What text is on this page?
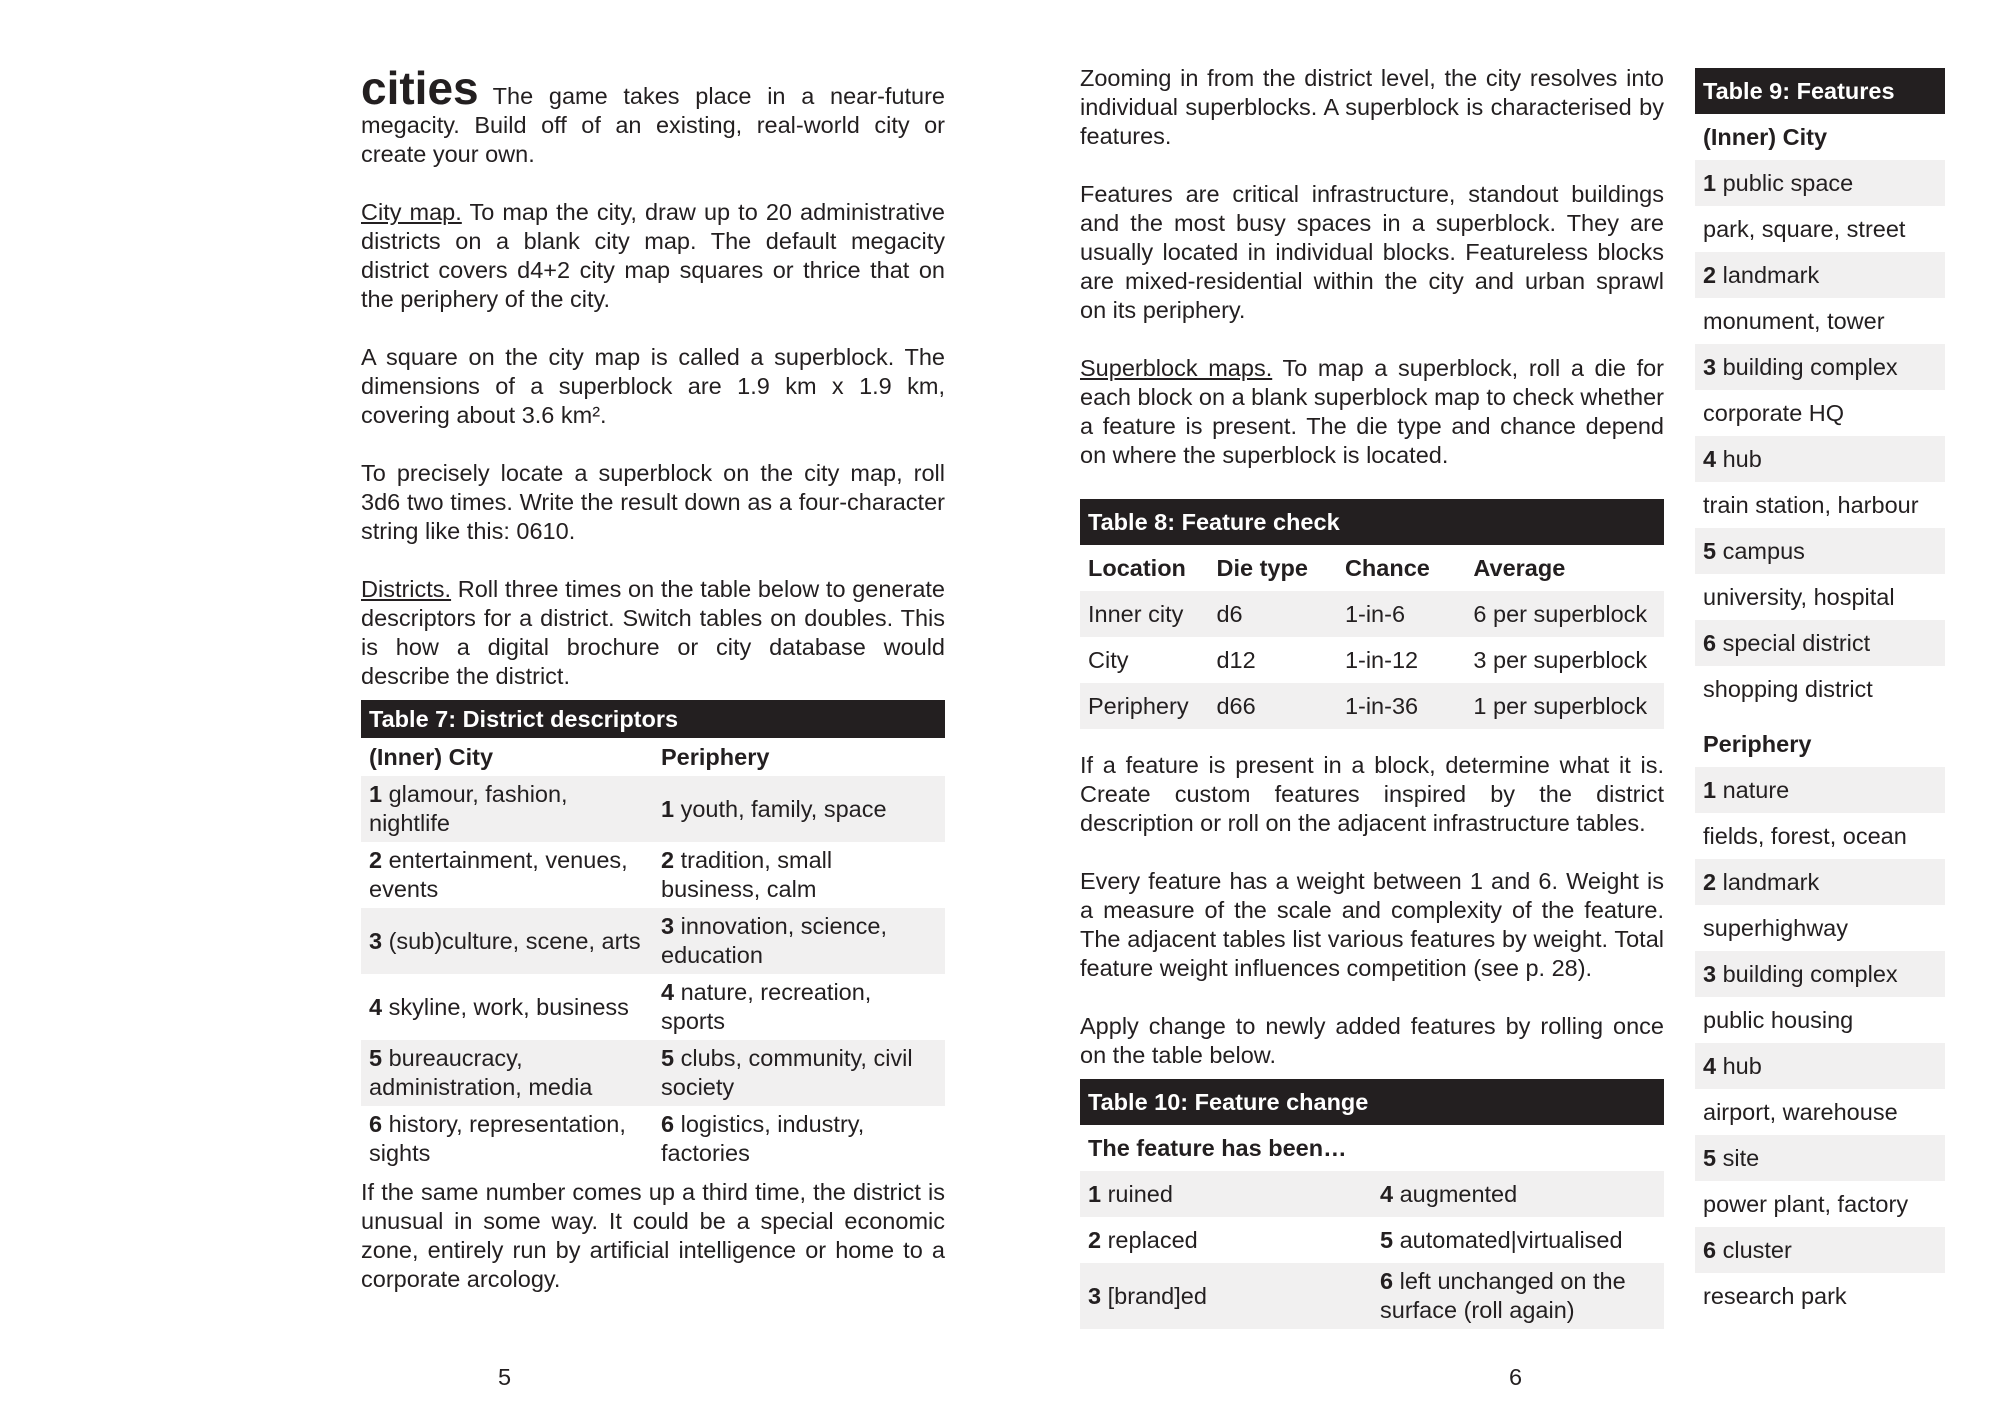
cities The game takes place in a near-future megacity. Build off of an existing, real-world city or create your own.

City map. To map the city, draw up to 20 administrative districts on a blank city map. The default megacity district covers d4+2 city map squares or thrice that on the periphery of the city.

A square on the city map is called a superblock. The dimensions of a superblock are 1.9 km x 1.9 km, covering about 3.6 km².

To precisely locate a superblock on the city map, roll 3d6 two times. Write the result down as a four-character string like this: 0610.

Districts. Roll three times on the table below to generate descriptors for a district. Switch tables on doubles. This is how a digital brochure or city database would describe the district.

Table 7: District descriptors	
(Inner) City	Periphery
1 glamour, fashion, nightlife	1 youth, family, space
2 entertainment, venues, events	2 tradition, small business, calm
3 (sub)culture, scene, arts	3 innovation, science, education
4 skyline, work, business	4 nature, recreation, sports
5 bureaucracy, administration, media	5 clubs, community, civil society
6 history, representation, sights	6 logistics, industry, factories

If the same number comes up a third time, the district is unusual in some way. It could be a special economic zone, entirely run by artificial intelligence or home to a corporate arcology.

5

Zooming in from the district level, the city resolves into individual superblocks. A superblock is characterised by features.

Features are critical infrastructure, standout buildings and the most busy spaces in a superblock. They are usually located in individual blocks. Featureless blocks are mixed-residential within the city and urban sprawl on its periphery.

Superblock maps. To map a superblock, roll a die for each block on a blank superblock map to check whether a feature is present. The die type and chance depend on where the superblock is located.

Table 8: Feature check			
Location	Die type	Chance	Average
Inner city	d6	1-in-6	6 per superblock
City	d12	1-in-12	3 per superblock
Periphery	d66	1-in-36	1 per superblock

If a feature is present in a block, determine what it is. Create custom features inspired by the district description or roll on the adjacent infrastructure tables.

Every feature has a weight between 1 and 6. Weight is a measure of the scale and complexity of the feature. The adjacent tables list various features by weight. Total feature weight influences competition (see p. 28).

Apply change to newly added features by rolling once on the table below.

Table 10: Feature change	
The feature has been…	
1 ruined	4 augmented
2 replaced	5 automated|virtualised
3 [brand]ed	6 left unchanged on the surface (roll again)
6
Table 9: Features
(Inner) City
1 public space
park, square, street
2 landmark
monument, tower
3 building complex
corporate HQ
4 hub
train station, harbour
5 campus
university, hospital
6 special district
shopping district
Periphery
1 nature
fields, forest, ocean
2 landmark
superhighway
3 building complex
public housing
4 hub
airport, warehouse
5 site
power plant, factory
6 cluster
research park
